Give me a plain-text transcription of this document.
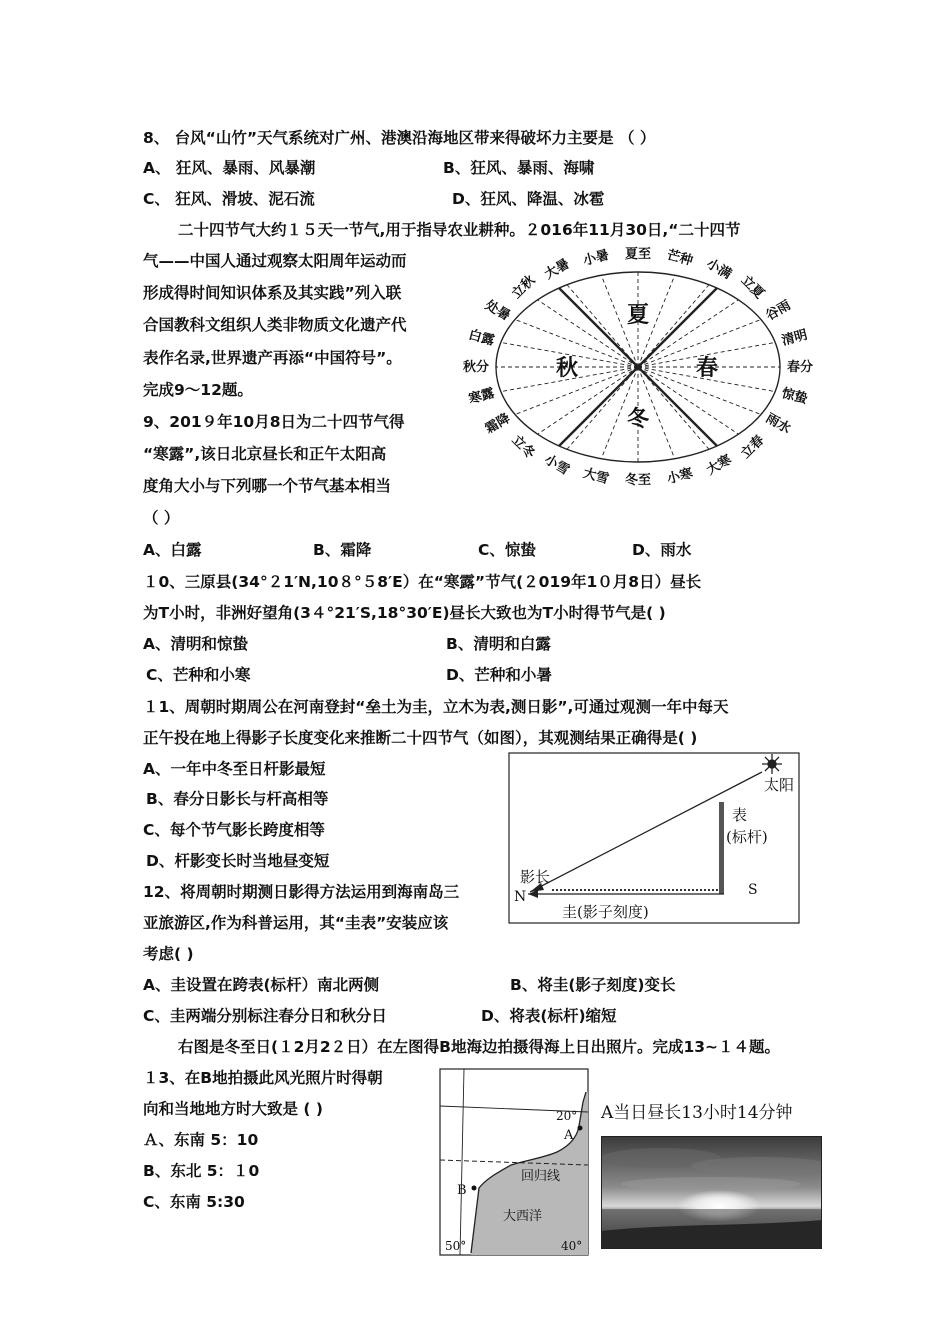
8、 台风“山竹”天气系统对广州、港澳沿海地区带来得破坏力主要是 （ ）
A、 狂风、暴雨、风暴潮	B、狂风、暴雨、海啸
C、 狂风、滑坡、泥石流	D、狂风、降温、冰雹
二十四节气大约１５天一节气,用于指导农业耕种。２016年11月30日,“二十四节
气——中国人通过观察太阳周年运动而
形成得时间知识体系及其实践”列入联
合国教科文组织人类非物质文化遗产代
表作名录,世界遗产再添“中国符号”。
完成9～12题。
9、201９年10月8日为二十四节气得
“寒露”,该日北京昼长和正午太阳高
度角大小与下列哪一个节气基本相当
（ ）
A、白露	B、霜降	C、惊蛰	D、雨水
夏
冬
秋	春
立秋
大暑 小暑 夏至 芒种 小满
立夏
立冬
小雪 大雪 冬至 小寒 大寒
立春
处暑
白露
秋分
寒露
霜降
谷雨
清明
春分
惊蛰
雨水
１0、三原县(34°２1′N,10８°５8′E）在“寒露”节气(２019年1０月8日）昼长
为T小时，非洲好望角(3４°21′S,18°30′E)昼长大致也为T小时得节气是( )
A、清明和惊蛰	B、清明和白露
C、芒种和小寒	D、芒种和小暑
１1、周朝时期周公在河南登封“垒土为圭，立木为表,测日影”,可通过观测一年中每天
正午投在地上得影子长度变化来推断二十四节气（如图），其观测结果正确得是( )
A、一年中冬至日杆影最短
B、春分日影长与杆高相等
C、每个节气影长跨度相等
D、杆影变长时当地昼变短
太阳
表
(标杆)
影长
N	S
圭(影子刻度)
12、将周朝时期测日影得方法运用到海南岛三
亚旅游区,作为科普运用，其“圭表”安装应该
考虑( )
A、圭设置在跨表(标杆）南北两侧	B、将圭(影子刻度)变长
C、圭两端分别标注春分日和秋分日	D、将表(标杆)缩短
右图是冬至日(１2月2２日）在左图得B地海边拍摄得海上日出照片。完成13~１４题。
１3、在B地拍摄此风光照片时得朝
向和当地地方时大致是 ( )
Ａ、东南 5：10
B、东北 5：１0
C、东南 5:30
20°
A
B
回归线
大西洋
50°	40°
A当日昼长13小时14分钟
